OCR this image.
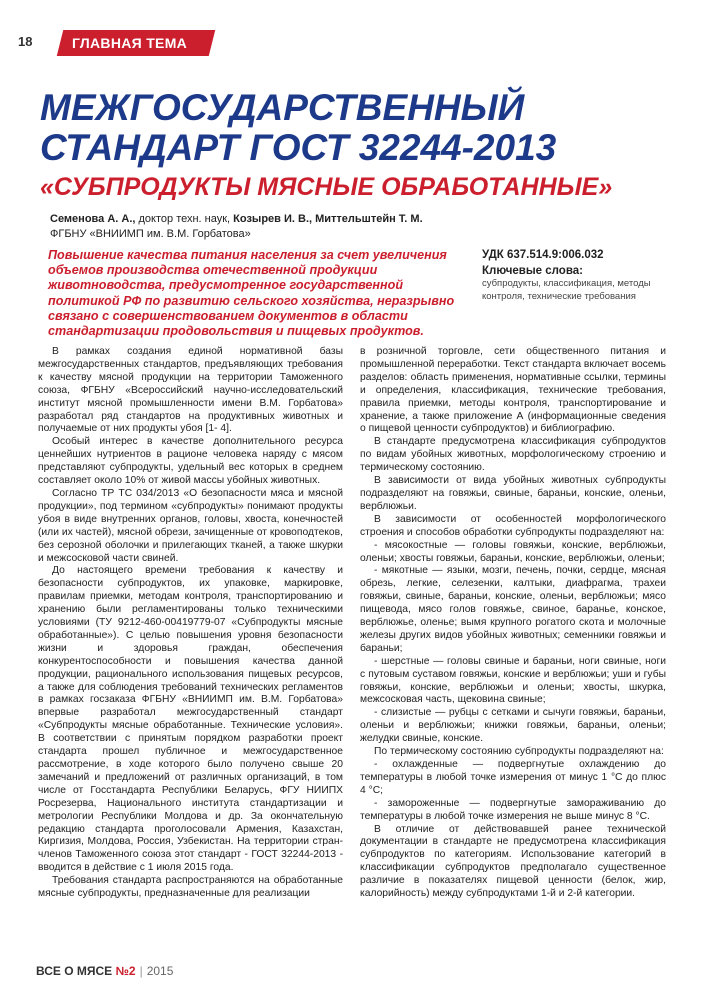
18	ГЛАВНАЯ ТЕМА
МЕЖГОСУДАРСТВЕННЫЙ СТАНДАРТ ГОСТ 32244-2013
«СУБПРОДУКТЫ МЯСНЫЕ ОБРАБОТАННЫЕ»
Семенова А. А., доктор техн. наук, Козырев И. В., Миттельштейн Т. М.
ФГБНУ «ВНИИМП им. В.М. Горбатова»
Повышение качества питания населения за счет увеличения объемов производства отечественной продукции животноводства, предусмотренное государственной политикой РФ по развитию сельского хозяйства, неразрывно связано с совершенствованием документов в области стандартизации продовольствия и пищевых продуктов.
УДК 637.514.9:006.032
Ключевые слова:
субпродукты, классификация, методы контроля, технические требования

В рамках создания единой нормативной базы межгосударственных стандартов, предъявляющих требования к качеству мясной продукции на территории Таможенного союза, ФГБНУ «Всероссийский научно-исследовательский институт мясной промышленности имени В.М. Горбатова» разработал ряд стандартов на продуктивных животных и получаемые от них продукты убоя [1- 4].

Особый интерес в качестве дополнительного ресурса ценнейших нутриентов в рационе человека наряду с мясом представляют субпродукты, удельный вес которых в среднем составляет около 10% от живой массы убойных животных.

Согласно ТР ТС 034/2013 «О безопасности мяса и мясной продукции», под термином «субпродукты» понимают продукты убоя в виде внутренних органов, головы, хвоста, конечностей (или их частей), мясной обрези, зачищенные от кровоподтеков, без серозной оболочки и прилегающих тканей, а также шкурки и межсосковой части свиней.

До настоящего времени требования к качеству и безопасности субпродуктов, их упаковке, маркировке, правилам приемки, методам контроля, транспортированию и хранению были регламентированы только техническими условиями (ТУ 9212-460-00419779-07 «Субпродукты мясные обработанные»). С целью повышения уровня безопасности жизни и здоровья граждан, обеспечения конкурентоспособности и повышения качества данной продукции, рационального использования пищевых ресурсов, а также для соблюдения требований технических регламентов в рамках госзаказа ФГБНУ «ВНИИМП им. В.М. Горбатова» впервые разработал межгосударственный стандарт «Субпродукты мясные обработанные. Технические условия». В соответствии с принятым порядком разработки проект стандарта прошел публичное и межгосударственное рассмотрение, в ходе которого было получено свыше 20 замечаний и предложений от различных организаций, в том числе от Госстандарта Республики Беларусь, ФГУ НИИПХ Росрезерва, Национального института стандартизации и метрологии Республики Молдова и др. За окончательную редакцию стандарта проголосовали Армения, Казахстан, Киргизия, Молдова, Россия, Узбекистан. На территории стран-членов Таможенного союза этот стандарт - ГОСТ 32244-2013 - вводится в действие с 1 июля 2015 года.

Требования стандарта распространяются на обработанные мясные субпродукты, предназначенные для реализации

в розничной торговле, сети общественного питания и промышленной переработки. Текст стандарта включает восемь разделов: область применения, нормативные ссылки, термины и определения, классификация, технические требования, правила приемки, методы контроля, транспортирование и хранение, а также приложение А (информационные сведения о пищевой ценности субпродуктов) и библиографию.

В стандарте предусмотрена классификация субпродуктов по видам убойных животных, морфологическому строению и термическому состоянию.

В зависимости от вида убойных животных субпродукты подразделяют на говяжьи, свиные, бараньи, конские, оленьи, верблюжьи.

В зависимости от особенностей морфологического строения и способов обработки субпродукты подразделяют на:

- мясокостные — головы говяжьи, конские, верблюжьи, оленьи; хвосты говяжьи, бараньи, конские, верблюжьи, оленьи;

- мякотные — языки, мозги, печень, почки, сердце, мясная обрезь, легкие, селезенки, калтыки, диафрагма, трахеи говяжьи, свиные, бараньи, конские, оленьи, верблюжьи; мясо пищевода, мясо голов говяжье, свиное, баранье, конское, верблюжье, оленье; вымя крупного рогатого скота и молочные железы других видов убойных животных; семенники говяжьи и бараньи;

- шерстные — головы свиные и бараньи, ноги свиные, ноги с путовым суставом говяжьи, конские и верблюжьи; уши и губы говяжьи, конские, верблюжьи и оленьи; хвосты, шкурка, межсосковая часть, щековина свиные;

- слизистые — рубцы с сетками и сычуги говяжьи, бараньи, оленьи и верблюжьи; книжки говяжьи, бараньи, оленьи; желудки свиные, конские.

По термическому состоянию субпродукты подразделяют на:

- охлажденные — подвергнутые охлаждению до температуры в любой точке измерения от минус 1 °С до плюс 4 °С;

- замороженные — подвергнутые замораживанию до температуры в любой точке измерения не выше минус 8 °С.

В отличие от действовавшей ранее технической документации в стандарте не предусмотрена классификация субпродуктов по категориям. Использование категорий в классификации субпродуктов предполагало существенное различие в показателях пищевой ценности (белок, жир, калорийность) между субпродуктами 1-й и 2-й категории.

ВСЕ О МЯСЕ №2 | 2015
